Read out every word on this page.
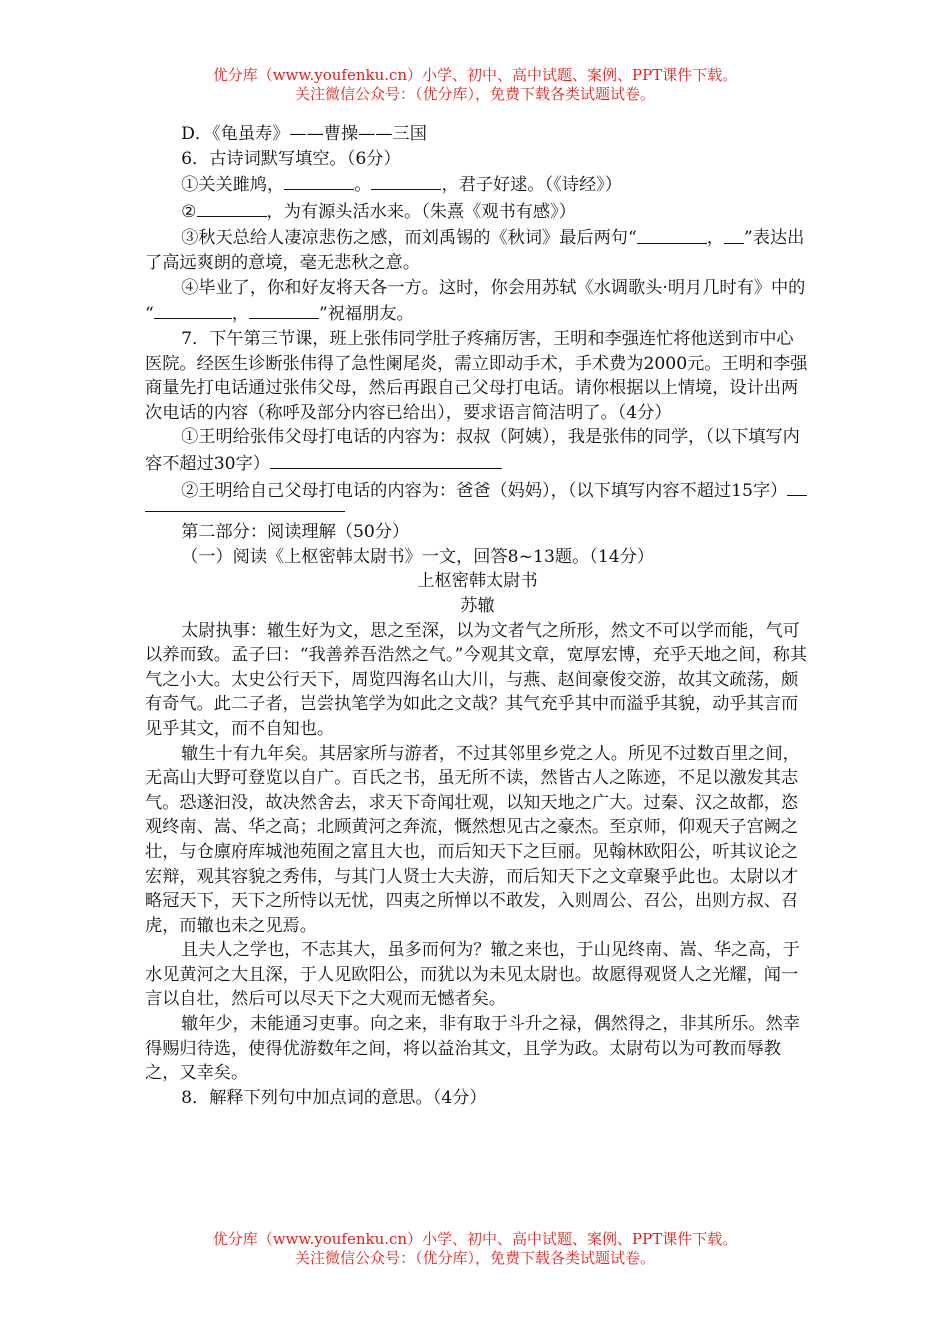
优分库（www.youfenku.cn）小学、初中、高中试题、案例、PPT课件下载。
关注微信公众号：（优分库），免费下载各类试题试卷。

D．《龟虽寿》——曹操——三国

6．古诗词默写填空。（6分）

①关关雎鸠，	。	，君子好逑。（《诗经》）

②	，为有源头活水来。（朱熹《观书有感》）

③秋天总给人凄凉悲伤之感，而刘禹锡的《秋词》最后两句“	， ”表达出了高远爽朗的意境，毫无悲秋之意。

④毕业了，你和好友将天各一方。这时，你会用苏轼《水调歌头·明月几时有》中的

“	，	”祝福朋友。

7．下午第三节课，班上张伟同学肚子疼痛厉害，王明和李强连忙将他送到市中心医院。经医生诊断张伟得了急性阑尾炎，需立即动手术，手术费为2000元。王明和李强商量先打电话通过张伟父母，然后再跟自己父母打电话。请你根据以上情境，设计出两次电话的内容（称呼及部分内容已给出），要求语言简洁明了。（4分）

①王明给张伟父母打电话的内容为：叔叔（阿姨），我是张伟的同学，（以下填写内容不超过30字）

②王明给自己父母打电话的内容为：爸爸（妈妈），（以下填写内容不超过15字）

第二部分：阅读理解（50分）

（一）阅读《上枢密韩太尉书》一文，回答8~13题。（14分）

上枢密韩太尉书

苏辙

太尉执事：辙生好为文，思之至深，以为文者气之所形，然文不可以学而能，气可以养而致。孟子曰：“我善养吾浩然之气。”今观其文章，宽厚宏博，充乎天地之间，称其气之小大。太史公行天下，周览四海名山大川，与燕、赵间豪俊交游，故其文疏荡，颇有奇气。此二子者，岂尝执笔学为如此之文哉？其气充乎其中而溢乎其貌，动乎其言而见乎其文，而不自知也。

辙生十有九年矣。其居家所与游者，不过其邻里乡党之人。所见不过数百里之间，无高山大野可登览以自广。百氏之书，虽无所不读，然皆古人之陈迹，不足以激发其志气。恐遂汩没，故决然舍去，求天下奇闻壮观，以知天地之广大。过秦、汉之故都，恣观终南、嵩、华之高；北顾黄河之奔流，慨然想见古之豪杰。至京师，仰观天子宫阙之壮，与仓廪府库城池苑囿之富且大也，而后知天下之巨丽。见翰林欧阳公，听其议论之宏辩，观其容貌之秀伟，与其门人贤士大夫游，而后知天下之文章聚乎此也。太尉以才略冠天下，天下之所恃以无忧，四夷之所惮以不敢发，入则周公、召公，出则方叔、召虎，而辙也未之见焉。

且夫人之学也，不志其大，虽多而何为？辙之来也，于山见终南、嵩、华之高，于水见黄河之大且深，于人见欧阳公，而犹以为未见太尉也。故愿得观贤人之光耀，闻一言以自壮，然后可以尽天下之大观而无憾者矣。

辙年少，未能通习吏事。向之来，非有取于斗升之禄，偶然得之，非其所乐。然幸得赐归待选，使得优游数年之间，将以益治其文，且学为政。太尉苟以为可教而辱教之，又幸矣。

8．解释下列句中加点词的意思。（4分）

优分库（www.youfenku.cn）小学、初中、高中试题、案例、PPT课件下载。
关注微信公众号：（优分库），免费下载各类试题试卷。
